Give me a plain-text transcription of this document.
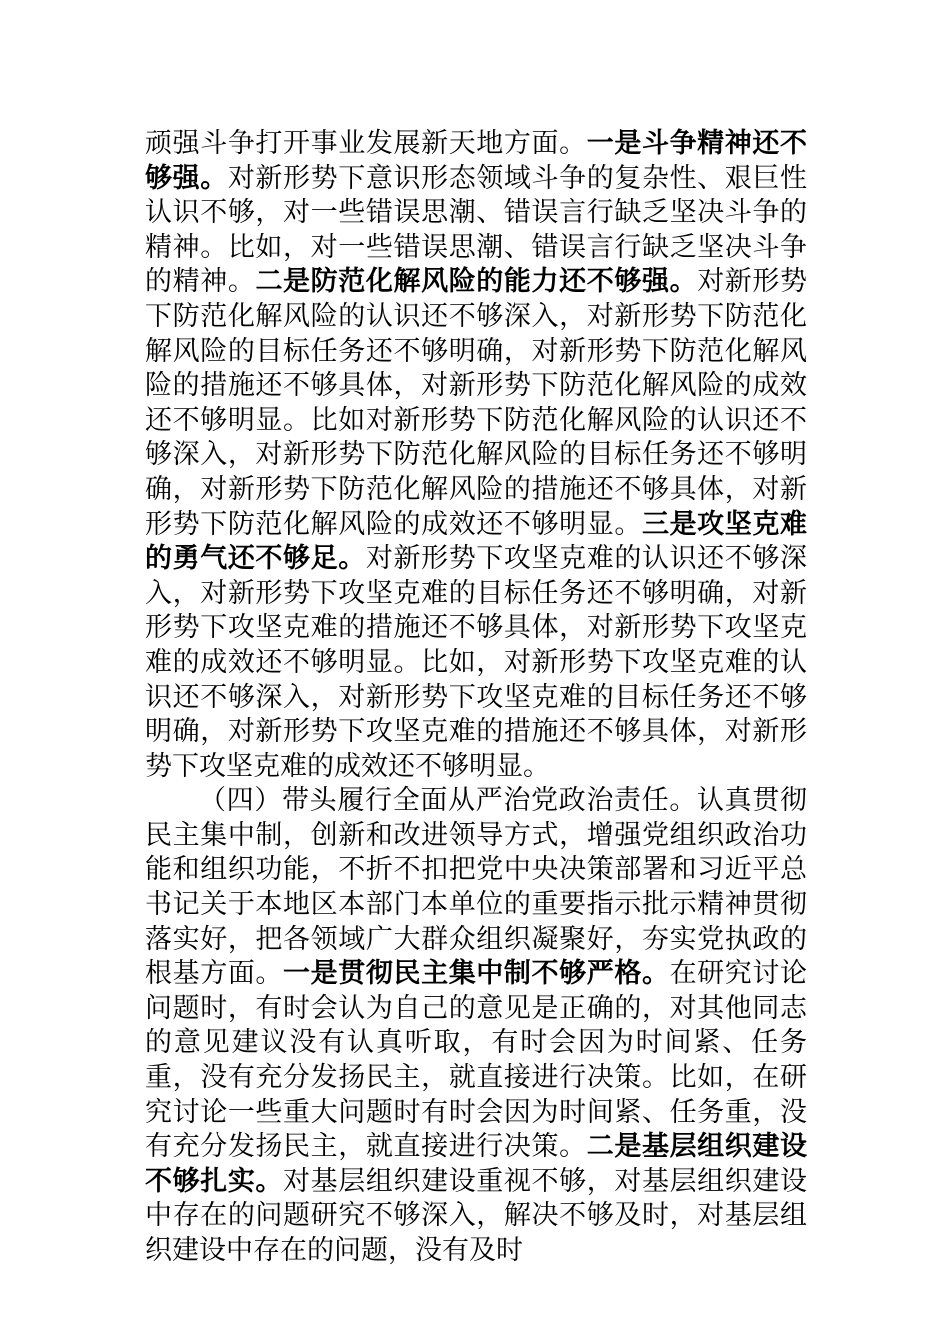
顽强斗争打开事业发展新天地方面。一是斗争精神还不够强。对新形势下意识形态领域斗争的复杂性、艰巨性认识不够，对一些错误思潮、错误言行缺乏坚决斗争的精神。比如，对一些错误思潮、错误言行缺乏坚决斗争的精神。二是防范化解风险的能力还不够强。对新形势下防范化解风险的认识还不够深入，对新形势下防范化解风险的目标任务还不够明确，对新形势下防范化解风险的措施还不够具体，对新形势下防范化解风险的成效还不够明显。比如对新形势下防范化解风险的认识还不够深入，对新形势下防范化解风险的目标任务还不够明确，对新形势下防范化解风险的措施还不够具体，对新形势下防范化解风险的成效还不够明显。三是攻坚克难的勇气还不够足。对新形势下攻坚克难的认识还不够深入，对新形势下攻坚克难的目标任务还不够明确，对新形势下攻坚克难的措施还不够具体，对新形势下攻坚克难的成效还不够明显。比如，对新形势下攻坚克难的认识还不够深入，对新形势下攻坚克难的目标任务还不够明确，对新形势下攻坚克难的措施还不够具体，对新形势下攻坚克难的成效还不够明显。

（四）带头履行全面从严治党政治责任。认真贯彻民主集中制，创新和改进领导方式，增强党组织政治功能和组织功能，不折不扣把党中央决策部署和习近平总书记关于本地区本部门本单位的重要指示批示精神贯彻落实好，把各领域广大群众组织凝聚好，夯实党执政的根基方面。一是贯彻民主集中制不够严格。在研究讨论问题时，有时会认为自己的意见是正确的，对其他同志的意见建议没有认真听取，有时会因为时间紧、任务重，没有充分发扬民主，就直接进行决策。比如，在研究讨论一些重大问题时有时会因为时间紧、任务重，没有充分发扬民主，就直接进行决策。二是基层组织建设不够扎实。对基层组织建设重视不够，对基层组织建设中存在的问题研究不够深入，解决不够及时，对基层组织建设中存在的问题，没有及时
